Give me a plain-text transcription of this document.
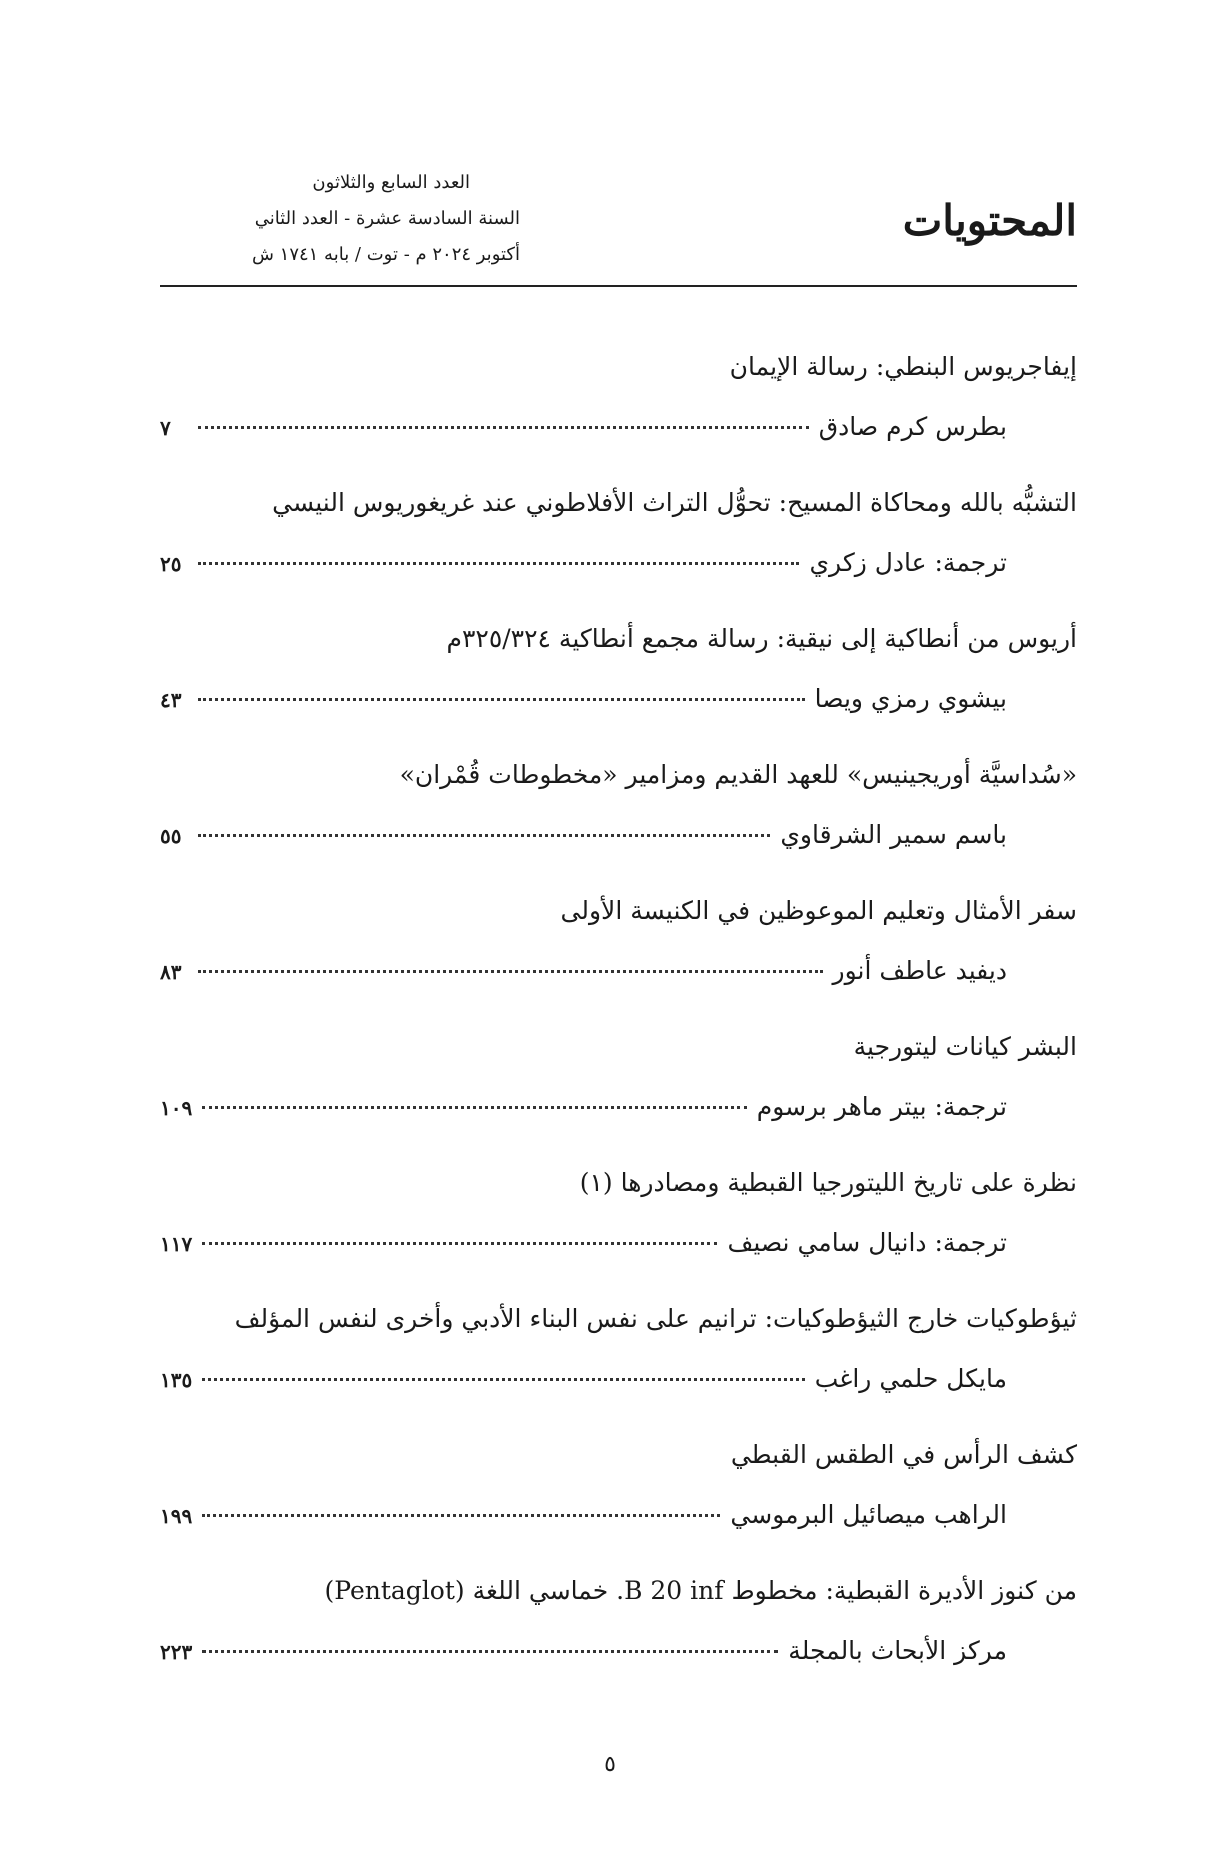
المحتويات
العدد السابع والثلاثون
السنة السادسة عشرة - العدد الثاني
أكتوبر ٢٠٢٤ م - توت / بابه ١٧٤١ ش
إيفاجريوس البنطي: رسالة الإيمان
بطرس كرم صادق
٧
التشبُّه بالله ومحاكاة المسيح: تحوُّل التراث الأفلاطوني عند غريغوريوس النيسي
ترجمة: عادل زكري
٢٥
أريوس من أنطاكية إلى نيقية: رسالة مجمع أنطاكية ٣٢٥/٣٢٤م
بيشوي رمزي ويصا
٤٣
«سُداسيَّة أوريجينيس» للعهد القديم ومزامير «مخطوطات قُمْران»
باسم سمير الشرقاوي
٥٥
سفر الأمثال وتعليم الموعوظين في الكنيسة الأولى
ديفيد عاطف أنور
٨٣
البشر كيانات ليتورجية
ترجمة: بيتر ماهر برسوم
١٠٩
نظرة على تاريخ الليتورجيا القبطية ومصادرها (١)
ترجمة: دانيال سامي نصيف
١١٧
ثيؤطوكيات خارج الثيؤطوكيات: ترانيم على نفس البناء الأدبي وأخرى لنفس المؤلف
مايكل حلمي راغب
١٣٥
كشف الرأس في الطقس القبطي
الراهب ميصائيل البرموسي
١٩٩
من كنوز الأديرة القبطية: مخطوط B 20 inf. خماسي اللغة (Pentaglot)
مركز الأبحاث بالمجلة
٢٢٣
٥
